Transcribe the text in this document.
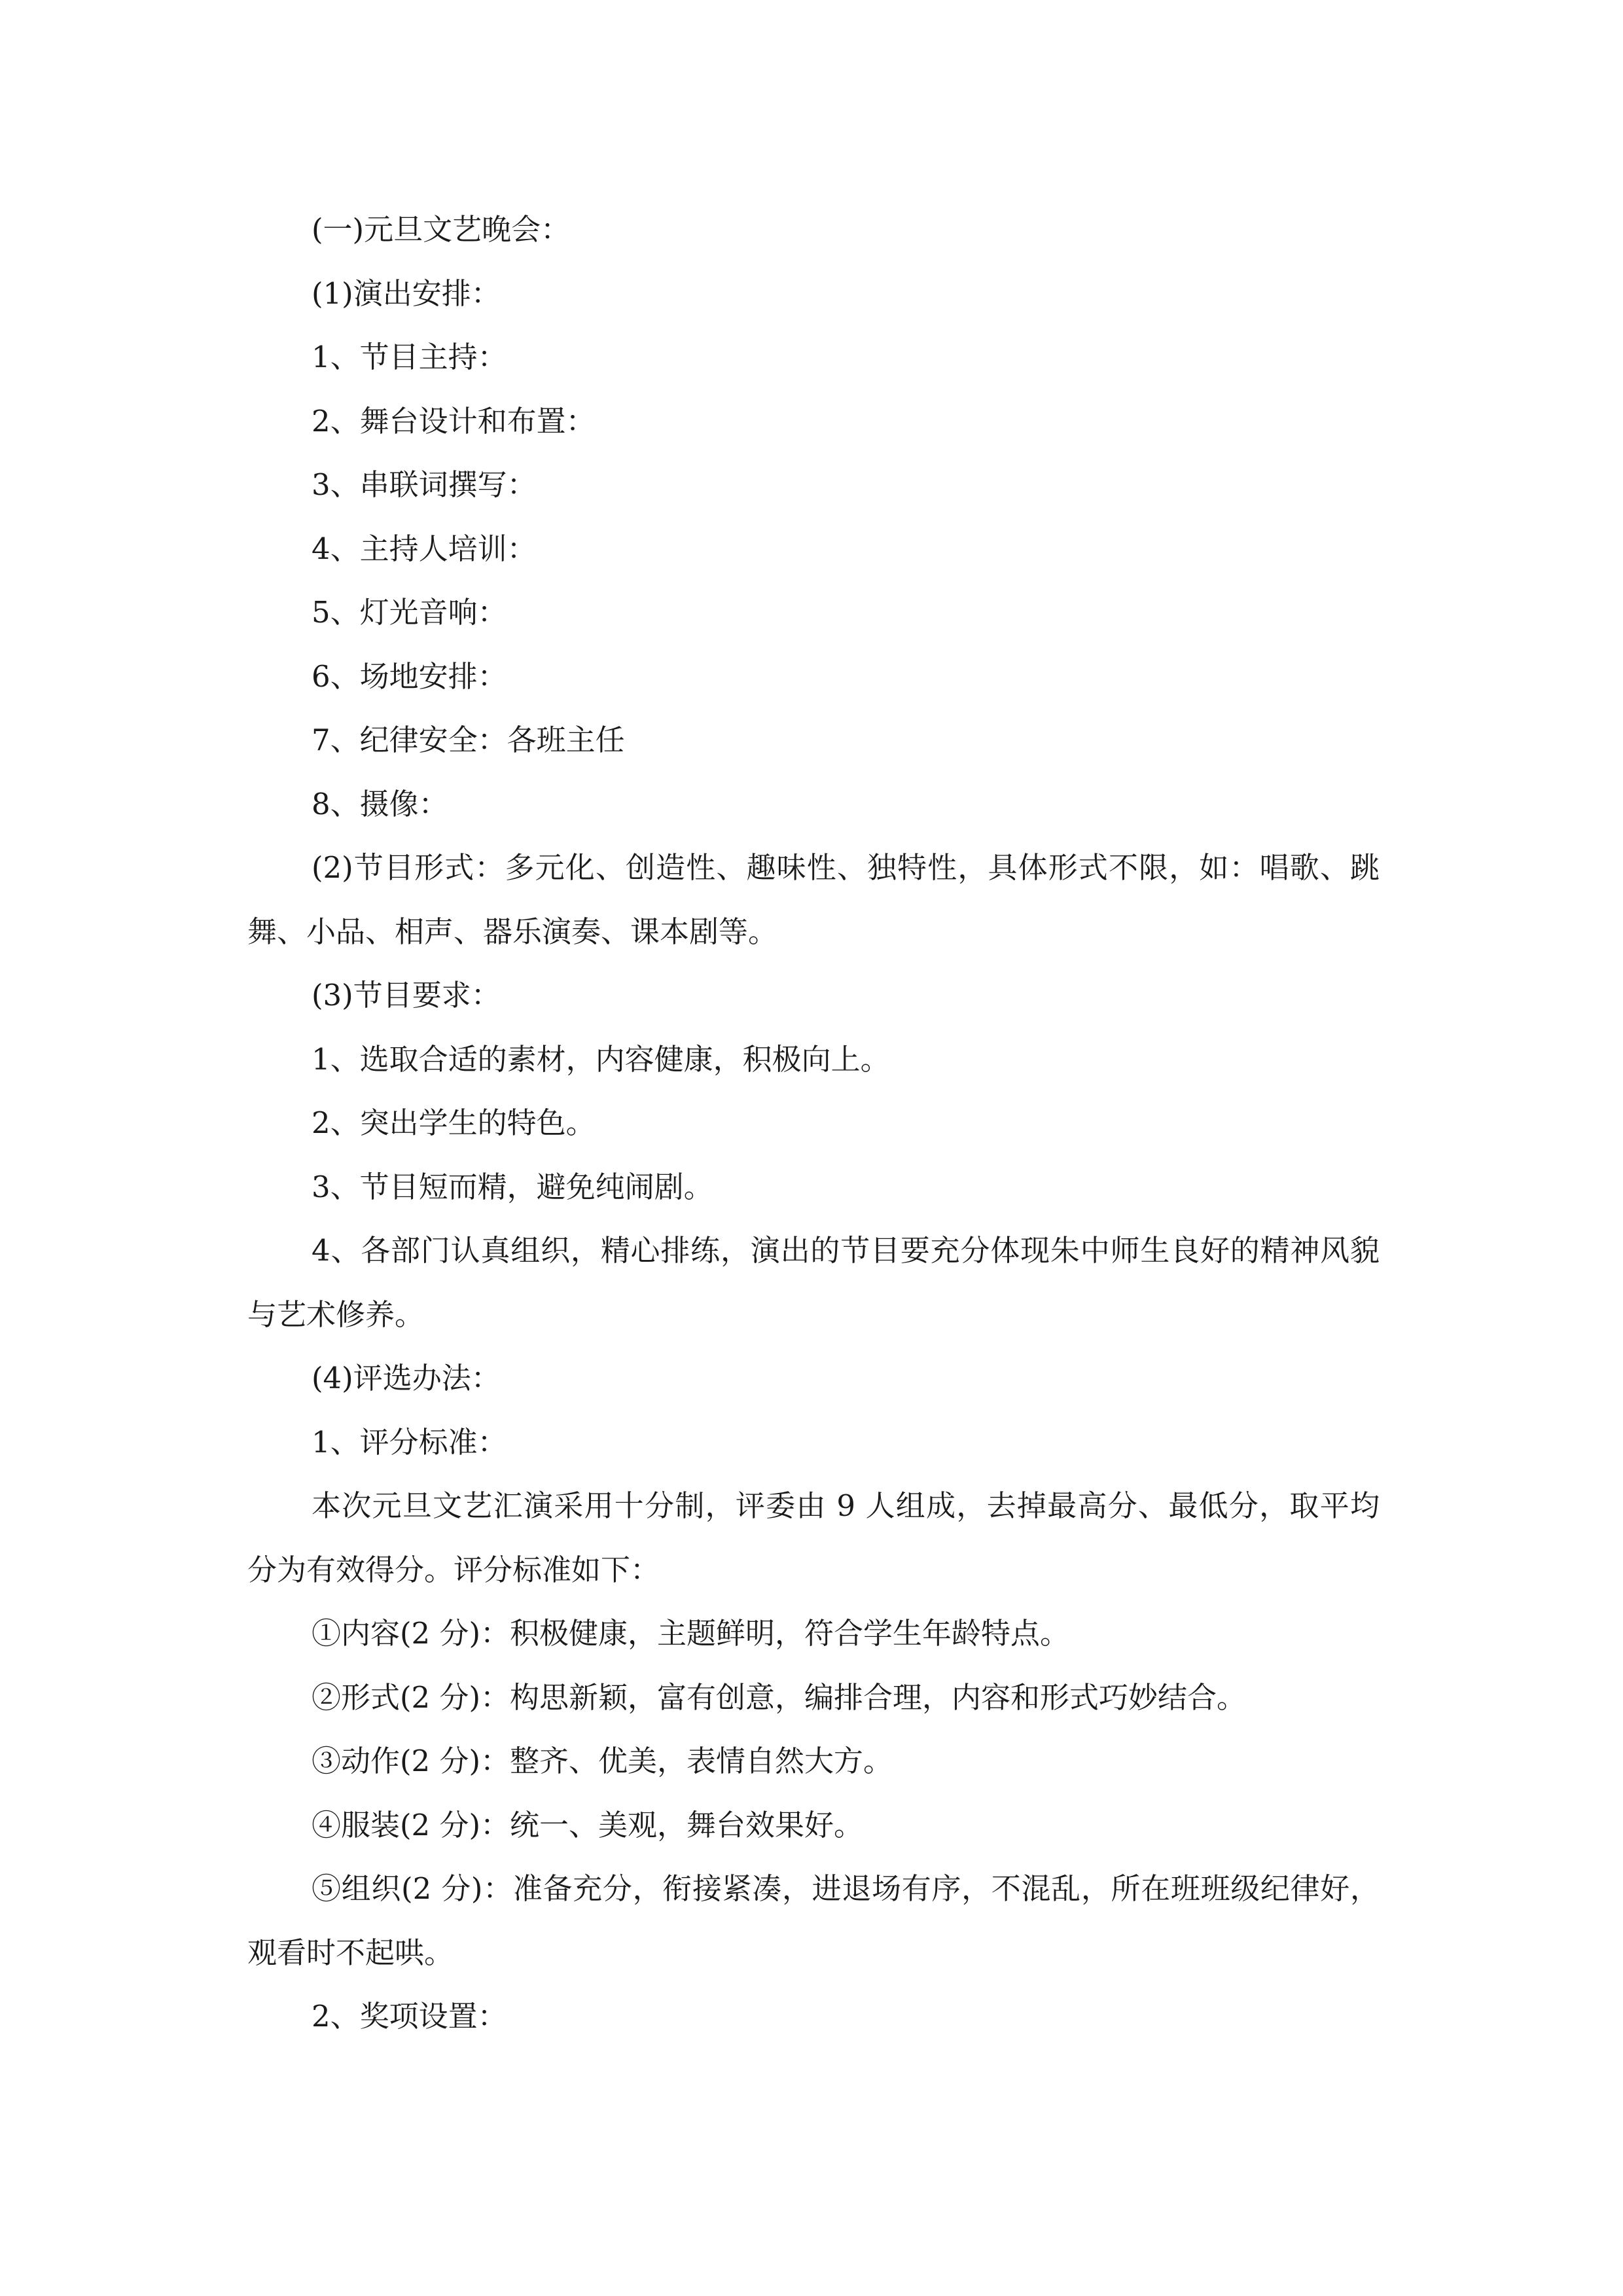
(一)元旦文艺晚会：

(1)演出安排：

1、节目主持：

2、舞台设计和布置：

3、串联词撰写：

4、主持人培训：

5、灯光音响：

6、场地安排：

7、纪律安全：各班主任

8、摄像：

(2)节目形式：多元化、创造性、趣味性、独特性，具体形式不限，如：唱歌、跳舞、小品、相声、器乐演奏、课本剧等。

(3)节目要求：

1、选取合适的素材，内容健康，积极向上。

2、突出学生的特色。

3、节目短而精，避免纯闹剧。

4、各部门认真组织，精心排练，演出的节目要充分体现朱中师生良好的精神风貌与艺术修养。

(4)评选办法：

1、评分标准：

本次元旦文艺汇演采用十分制，评委由 9 人组成，去掉最高分、最低分，取平均分为有效得分。评分标准如下：

①内容(2 分)：积极健康，主题鲜明，符合学生年龄特点。

②形式(2 分)：构思新颖，富有创意，编排合理，内容和形式巧妙结合。

③动作(2 分)：整齐、优美，表情自然大方。

④服装(2 分)：统一、美观，舞台效果好。

⑤组织(2 分)：准备充分，衔接紧凑，进退场有序，不混乱，所在班班级纪律好，观看时不起哄。

2、奖项设置：
